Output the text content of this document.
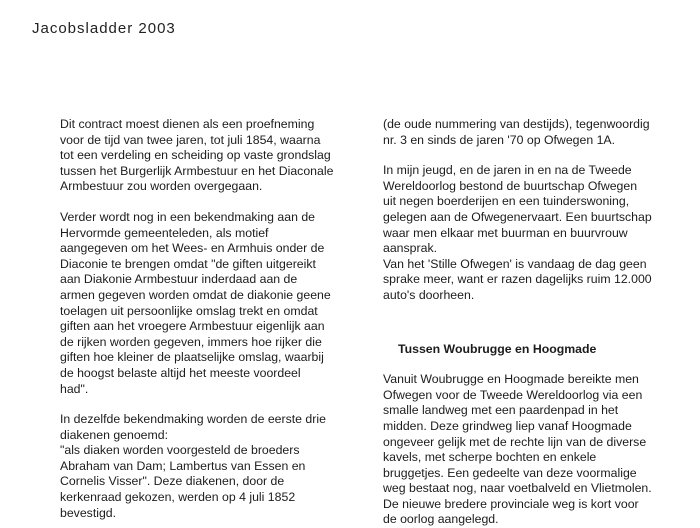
Jacobsladder 2003

Dit contract moest dienen als een proefneming
voor de tijd van twee jaren, tot juli 1854, waarna
tot een verdeling en scheiding op vaste grondslag
tussen het Burgerlijk Armbestuur en het Diaconale
Armbestuur zou worden overgegaan.

Verder wordt nog in een bekendmaking aan de
Hervormde gemeenteleden, als motief
aangegeven om het Wees- en Armhuis onder de
Diaconie te brengen omdat "de giften uitgereikt
aan Diakonie Armbestuur inderdaad aan de
armen gegeven worden omdat de diakonie geene
toelagen uit persoonlijke omslag trekt en omdat
giften aan het vroegere Armbestuur eigenlijk aan
de rijken worden gegeven, immers hoe rijker die
giften hoe kleiner de plaatselijke omslag, waarbij
de hoogst belaste altijd het meeste voordeel
had".

In dezelfde bekendmaking worden de eerste drie
diakenen genoemd:
"als diaken worden voorgesteld de broeders
Abraham van Dam; Lambertus van Essen en
Cornelis Visser". Deze diakenen, door de
kerkenraad gekozen, werden op 4 juli 1852
bevestigd.

(de oude nummering van destijds), tegenwoordig
nr. 3 en sinds de jaren '70 op Ofwegen 1A.

In mijn jeugd, en de jaren in en na de Tweede
Wereldoorlog bestond de buurtschap Ofwegen
uit negen boerderijen en een tuinderswoning,
gelegen aan de Ofwegenervaart. Een buurtschap
waar men elkaar met buurman en buurvrouw
aansprak.
Van het 'Stille Ofwegen' is vandaag de dag geen
sprake meer, want er razen dagelijks ruim 12.000
auto's doorheen.

Tussen Woubrugge en Hoogmade

Vanuit Woubrugge en Hoogmade bereikte men
Ofwegen voor de Tweede Wereldoorlog via een
smalle landweg met een paardenpad in het
midden. Deze grindweg liep vanaf Hoogmade
ongeveer gelijk met de rechte lijn van de diverse
kavels, met scherpe bochten en enkele
bruggetjes. Een gedeelte van deze voormalige
weg bestaat nog, naar voetbalveld en Vlietmolen.
De nieuwe bredere provinciale weg is kort voor
de oorlog aangelegd.
